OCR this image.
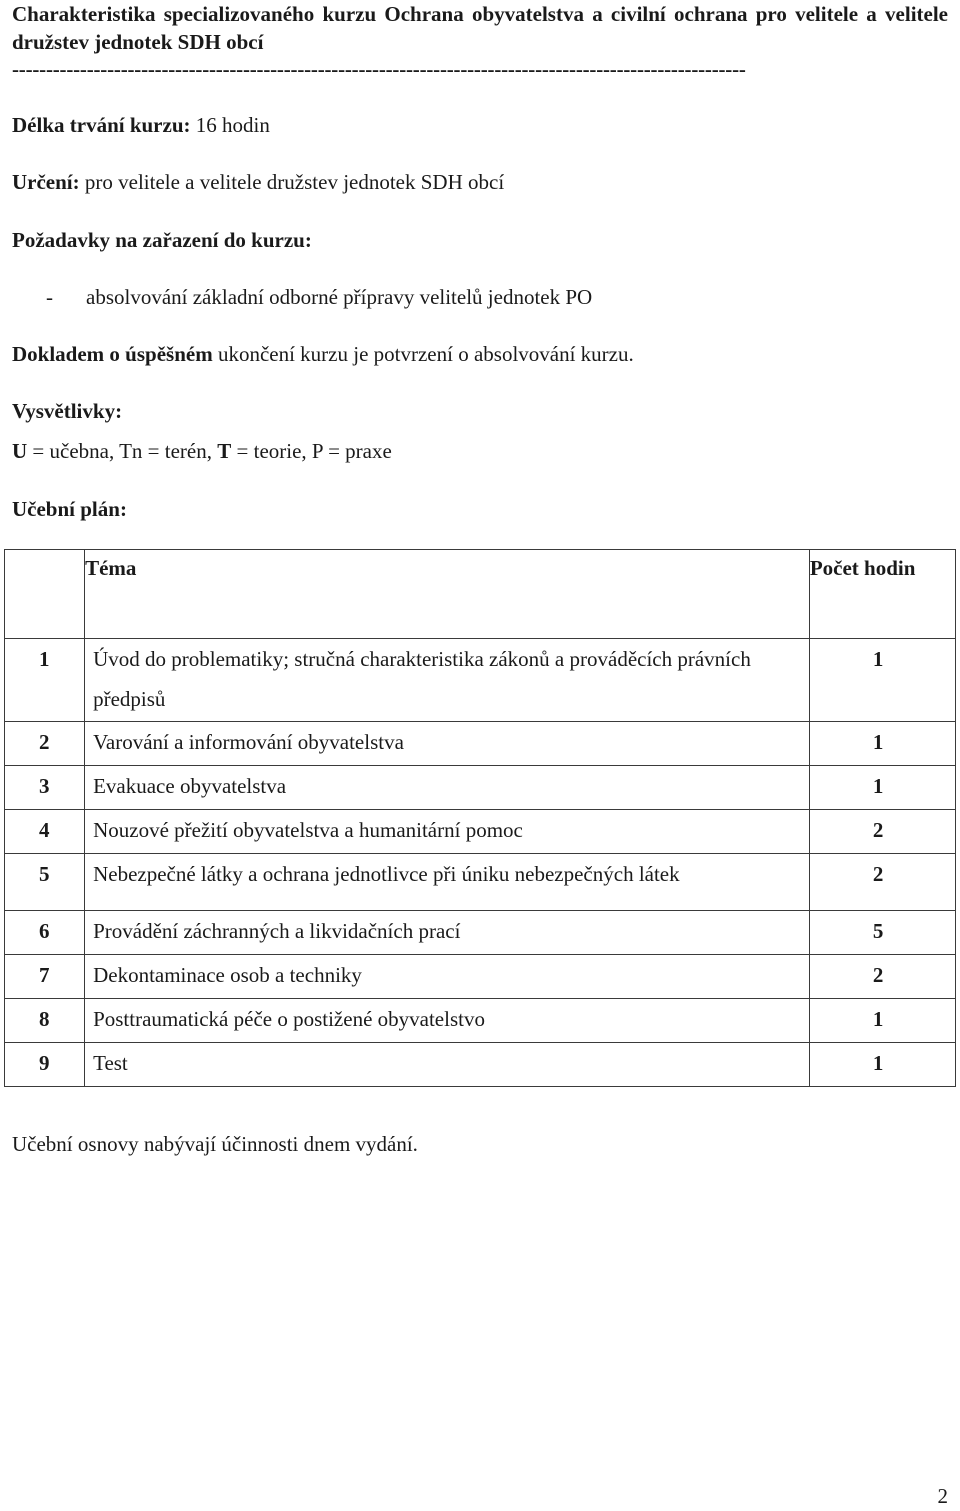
Charakteristika specializovaného kurzu Ochrana obyvatelstva a civilní ochrana pro velitele a velitele družstev jednotek SDH obcí
------------------------------------------------------------------------------------------------------------
Délka trvání kurzu: 16 hodin
Určení: pro velitele a velitele družstev jednotek SDH obcí
Požadavky na zařazení do kurzu:
- absolvování základní odborné přípravy velitelů jednotek PO
Dokladem o úspěšném ukončení kurzu je potvrzení o absolvování kurzu.
Vysvětlivky:
U = učebna, Tn = terén, T = teorie, P = praxe
Učební plán:
	Téma	Počet hodin
1	Úvod do problematiky; stručná charakteristika zákonů a prováděcích právních předpisů	1
2	Varování a informování obyvatelstva	1
3	Evakuace obyvatelstva	1
4	Nouzové přežití obyvatelstva a humanitární pomoc	2
5	Nebezpečné látky a ochrana jednotlivce při úniku nebezpečných látek	2
6	Provádění záchranných a likvidačních prací	5
7	Dekontaminace osob a techniky	2
8	Posttraumatická péče o postižené obyvatelstvo	1
9	Test	1
Učební osnovy nabývají účinnosti dnem vydání.
2
